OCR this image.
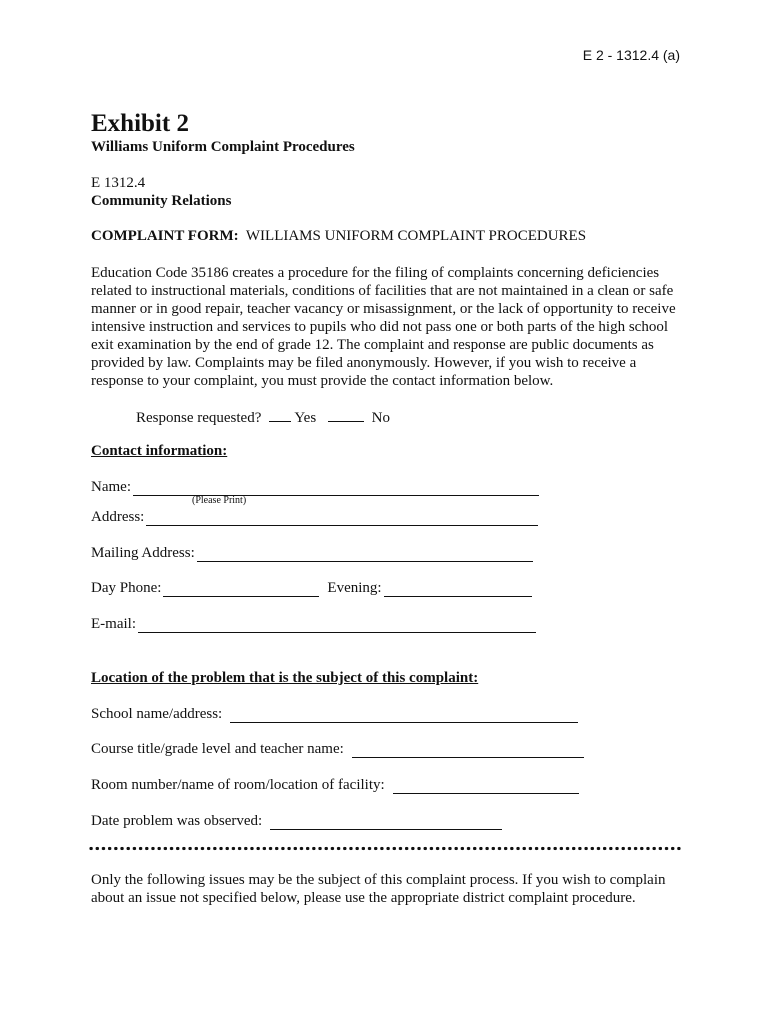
E 2 - 1312.4 (a)
Exhibit 2
Williams Uniform Complaint Procedures
E 1312.4
Community Relations
COMPLAINT FORM: WILLIAMS UNIFORM COMPLAINT PROCEDURES
Education Code 35186 creates a procedure for the filing of complaints concerning deficiencies related to instructional materials, conditions of facilities that are not maintained in a clean or safe manner or in good repair, teacher vacancy or misassignment, or the lack of opportunity to receive intensive instruction and services to pupils who did not pass one or both parts of the high school exit examination by the end of grade 12. The complaint and response are public documents as provided by law. Complaints may be filed anonymously. However, if you wish to receive a response to your complaint, you must provide the contact information below.
Response requested? Yes	No
Contact information:
Name:
(Please Print)
Address:
Mailing Address:
Day Phone:	Evening:
E-mail:
Location of the problem that is the subject of this complaint:
School name/address:
Course title/grade level and teacher name:
Room number/name of room/location of facility:
Date problem was observed:
Only the following issues may be the subject of this complaint process. If you wish to complain about an issue not specified below, please use the appropriate district complaint procedure.
